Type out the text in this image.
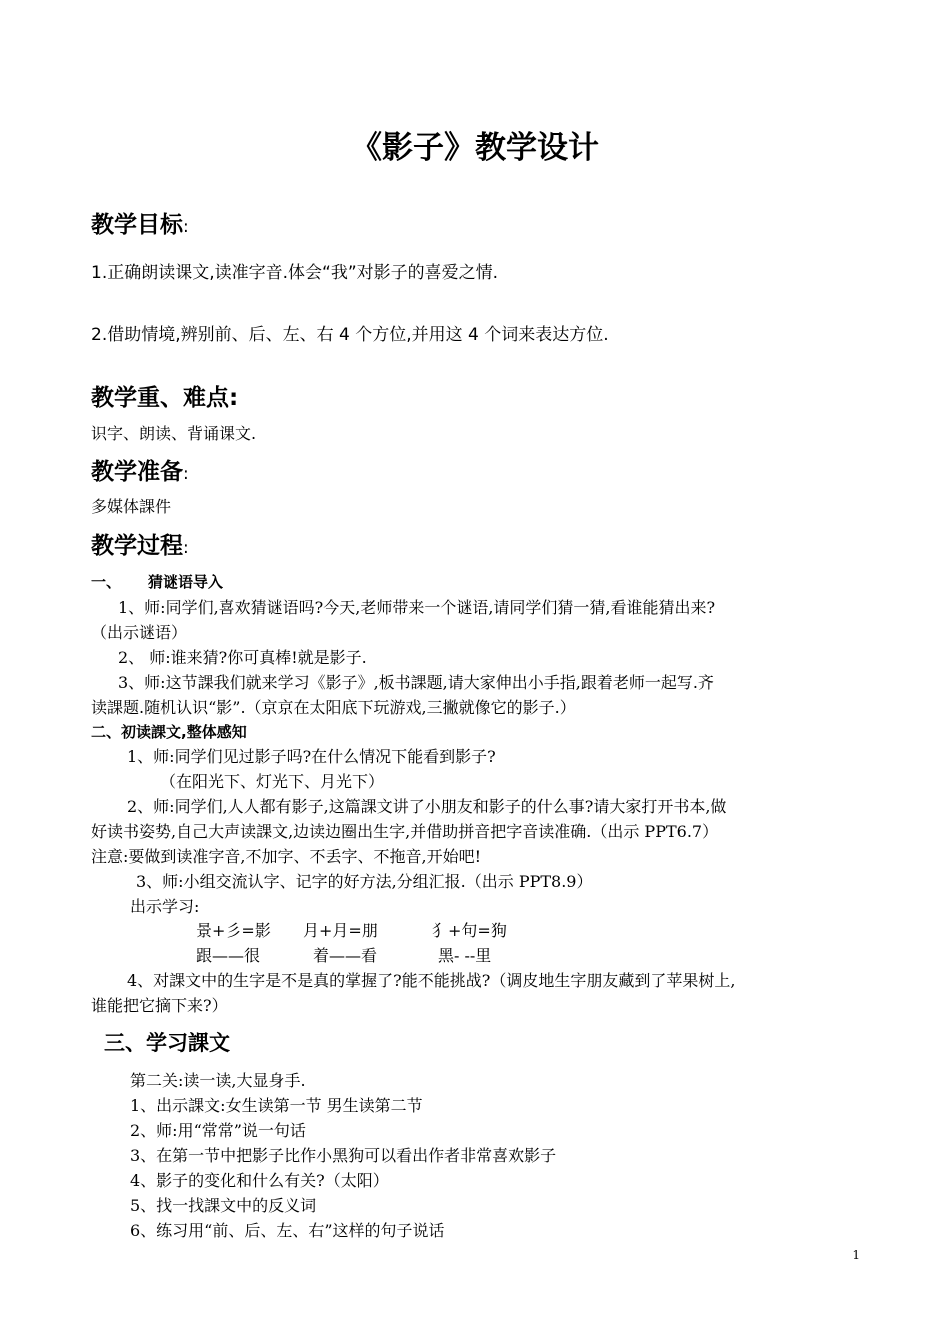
《影子》教学设计
教学目标:
1.正确朗读课文,读准字音.体会“我”对影子的喜爱之情.
2.借助情境,辨别前、后、左、右 4 个方位,并用这 4 个词来表达方位.
教学重、难点:
识字、朗读、背诵课文.
教学准备:
多媒体課件
教学过程:
一、 猜谜语导入
1、师:同学们,喜欢猜谜语吗?今天,老师带来一个谜语,请同学们猜一猜,看谁能猜出来?
（出示谜语）
2、 师:谁来猜?你可真棒!就是影子.
3、师:这节課我们就来学习《影子》,板书課题,请大家伸出小手指,跟着老师一起写.齐
读課题.随机认识“影”.（京京在太阳底下玩游戏,三撇就像它的影子.）
二、初读課文,整体感知
1、师:同学们见过影子吗?在什么情况下能看到影子?
（在阳光下、灯光下、月光下）
2、师:同学们,人人都有影子,这篇課文讲了小朋友和影子的什么事?请大家打开书本,做
好读书姿势,自己大声读課文,边读边圈出生字,并借助拼音把字音读准确.（出示 PPT6.7）
注意:要做到读准字音,不加字、不丢字、不拖音,开始吧!
3、师:小组交流认字、记字的好方法,分组汇报.（出示 PPT8.9）
出示学习:
景+彡=影 月+月=朋	犭+句=狗
跟——很	着——看	黑- --里
4、对課文中的生字是不是真的掌握了?能不能挑战?（调皮地生字朋友藏到了苹果树上,
谁能把它摘下来?）
三、学习課文
第二关:读一读,大显身手.
1、出示課文:女生读第一节 男生读第二节
2、师:用“常常”说一句话
3、在第一节中把影子比作小黑狗可以看出作者非常喜欢影子
4、影子的变化和什么有关?（太阳）
5、找一找課文中的反义词
6、练习用“前、后、左、右”这样的句子说话
1
